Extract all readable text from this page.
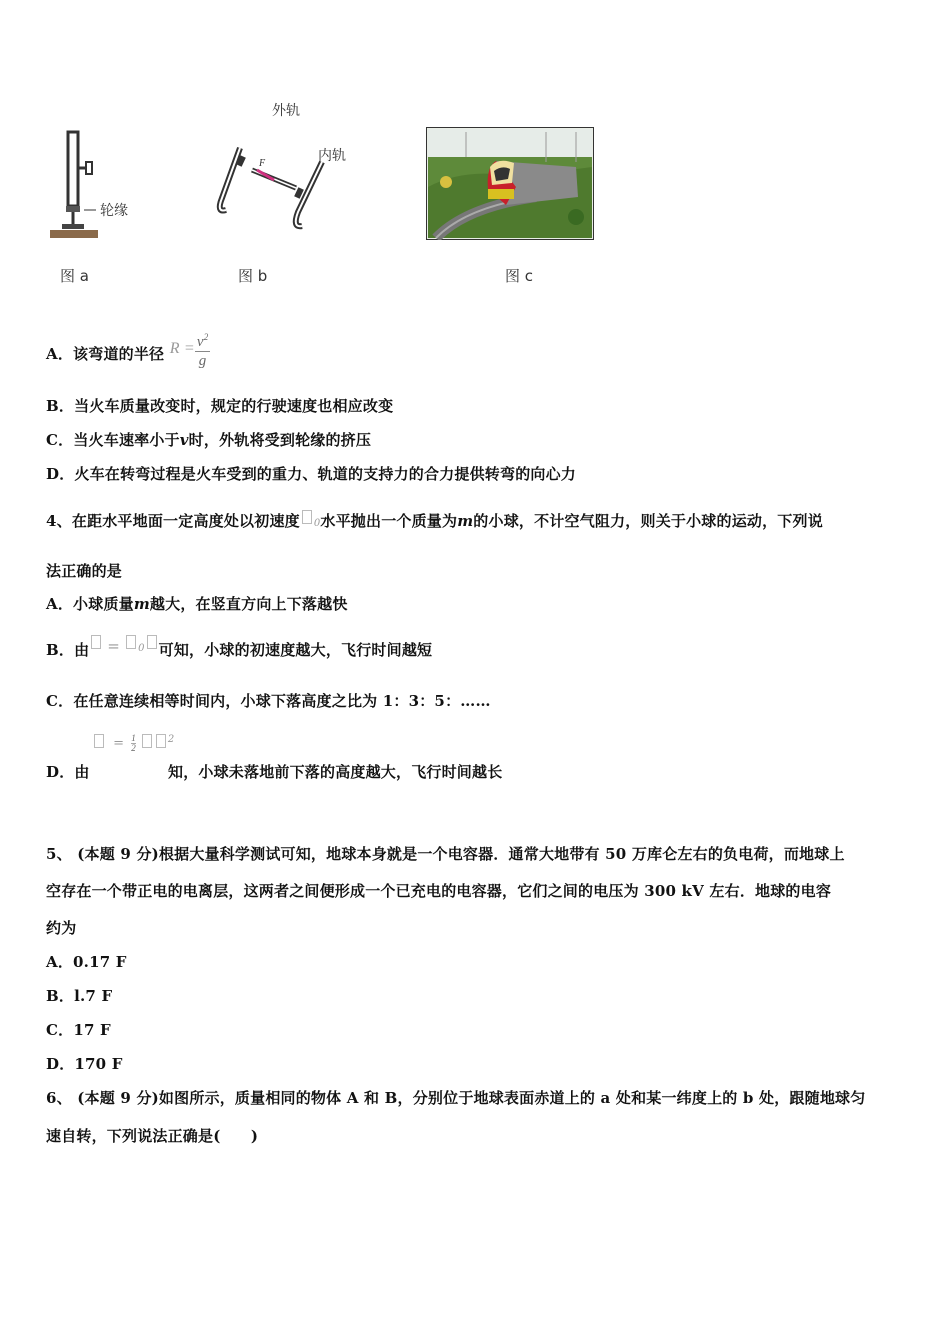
轮缘
图 a
F
外轨
内轨
图 b	图 c
A．该弯道的半径 $R = \frac{v^2}{g}$
B．当火车质量改变时，规定的行驶速度也相应改变
C．当火车速率小于v时，外轨将受到轮缘的挤压
D．火车在转弯过程是火车受到的重力、轨道的支持力的合力提供转弯的向心力
4、在距水平地面一定高度处以初速度 0水平抛出一个质量为m的小球，不计空气阻力，则关于小球的运动，下列说
法正确的是
A．小球质量m越大，在竖直方向上下落越快
B．由 = $^0$ 可知，小球的初速度越大，飞行时间越短
C．在任意连续相等时间内，小球下落高度之比为 1：3：5：……
= $\frac{1}{2}$	$^2$
D．由	知，小球未落地前下落的高度越大，飞行时间越长
5、 (本题 9 分)根据大量科学测试可知，地球本身就是一个电容器．通常大地带有 50 万库仑左右的负电荷，而地球上
空存在一个带正电的电离层，这两者之间便形成一个已充电的电容器，它们之间的电压为 300 kV 左右．地球的电容
约为
A．0.17 F
B．l.7 F
C．17 F
D．170 F
6、 (本题 9 分)如图所示，质量相同的物体 A 和 B，分别位于地球表面赤道上的 a 处和某一纬度上的 b 处，跟随地球匀
速自转，下列说法正确是(　　)
